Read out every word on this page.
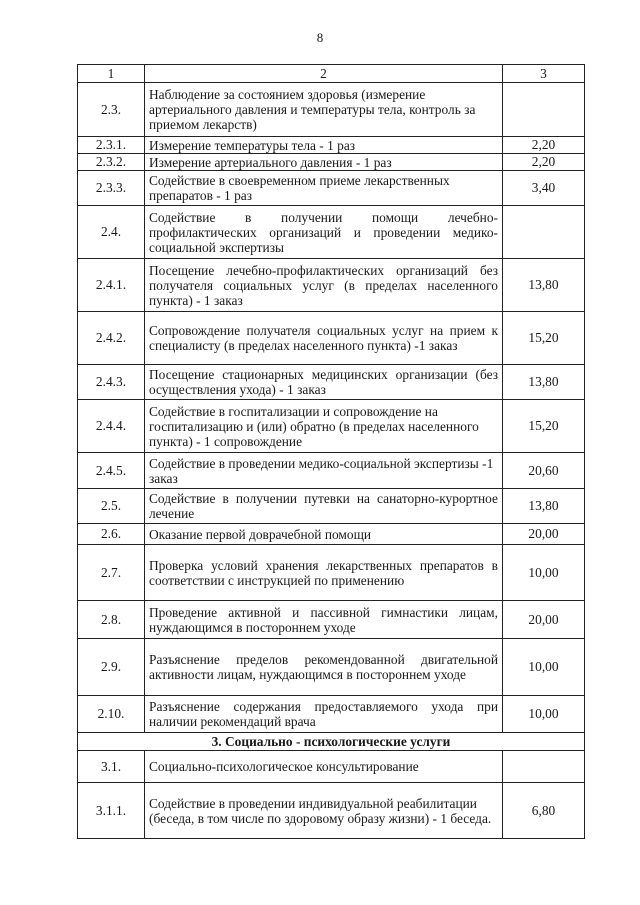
8
1	2	3
2.3.	Наблюдение за состоянием здоровья (измерение артериального давления и температуры тела, контроль за приемом лекарств)	
2.3.1.	Измерение температуры тела - 1 раз	2,20
2.3.2.	Измерение артериального давления - 1 раз	2,20
2.3.3.	Содействие в своевременном приеме лекарственных препаратов - 1 раз	3,40
2.4.	Содействие в получении помощи лечебно-профилактических организаций и проведении медико-социальной экспертизы	
2.4.1.	Посещение лечебно-профилактических организаций без получателя социальных услуг (в пределах населенного пункта) - 1 заказ	13,80
2.4.2.	Сопровождение получателя социальных услуг на прием к специалисту (в пределах населенного пункта) -1 заказ	15,20
2.4.3.	Посещение стационарных медицинских организации (без осуществления ухода) - 1 заказ	13,80
2.4.4.	Содействие в госпитализации и сопровождение на госпитализацию и (или) обратно (в пределах населенного пункта) - 1 сопровождение	15,20
2.4.5.	Содействие в проведении медико-социальной экспертизы -1 заказ	20,60
2.5.	Содействие в получении путевки на санаторно-курортное лечение	13,80
2.6.	Оказание первой доврачебной помощи	20,00
2.7.	Проверка условий хранения лекарственных препаратов в соответствии с инструкцией по применению	10,00
2.8.	Проведение активной и пассивной гимнастики лицам, нуждающимся в постороннем уходе	20,00
2.9.	Разъяснение пределов рекомендованной двигательной активности лицам, нуждающимся в постороннем уходе	10,00
2.10.	Разъяснение содержания предоставляемого ухода при наличии рекомендаций врача	10,00
3. Социально - психологические услуги		
3.1.	Социально-психологическое консультирование	
3.1.1.	Содействие в проведении индивидуальной реабилитации (беседа, в том числе по здоровому образу жизни) - 1 беседа.	6,80
